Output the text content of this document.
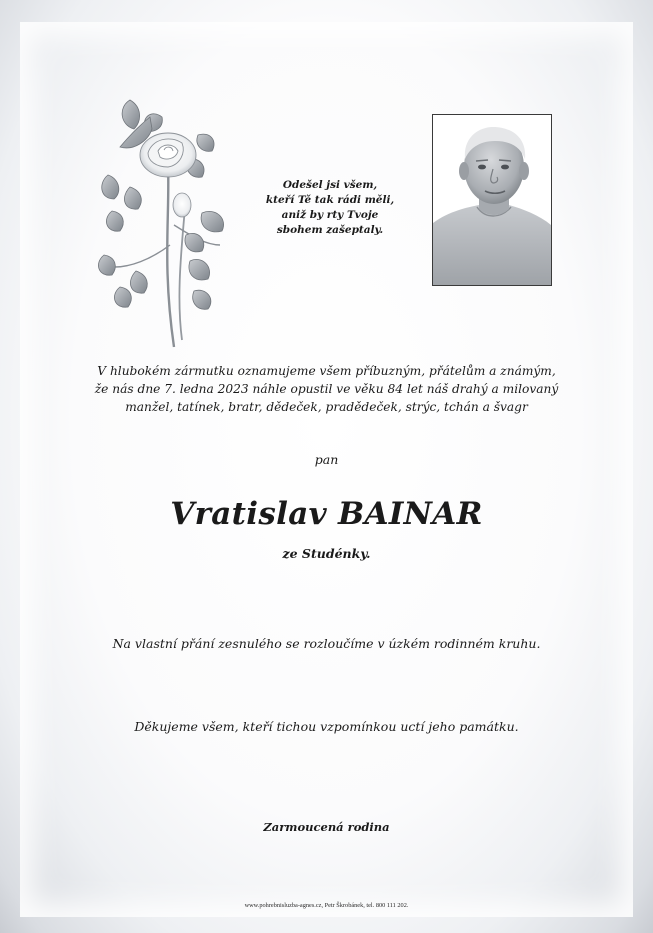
Odešel jsi všem,
kteří Tě tak rádi měli,
aniž by rty Tvoje
sbohem zašeptaly.
V hlubokém zármutku oznamujeme všem příbuzným, přátelům a známým,
že nás dne 7. ledna 2023 náhle opustil ve věku 84 let náš drahý a milovaný
manžel, tatínek, bratr, dědeček, pradědeček, strýc, tchán a švagr
pan
Vratislav BAINAR
ze Studénky.
Na vlastní přání zesnulého se rozloučíme v úzkém rodinném kruhu.
Děkujeme všem, kteří tichou vzpomínkou uctí jeho památku.
Zarmoucená rodina
www.pohrebnisluzba-agnes.cz, Petr Škrobánek, tel. 800 111 202.
